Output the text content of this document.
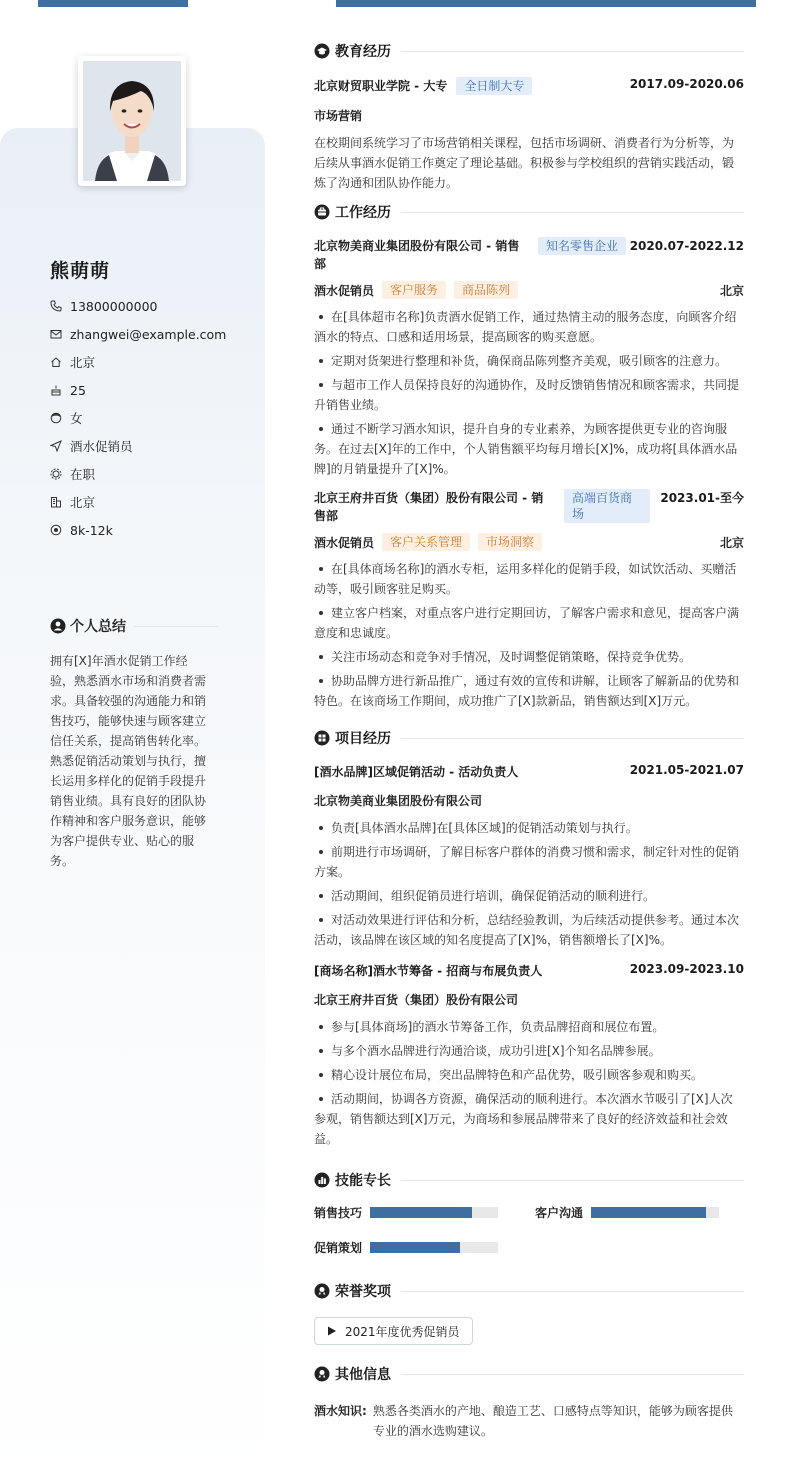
熊萌萌
13800000000
zhangwei@example.com
北京
25
女
酒水促销员
在职
北京
8k-12k
个人总结
拥有[X]年酒水促销工作经验，熟悉酒水市场和消费者需求。具备较强的沟通能力和销售技巧，能够快速与顾客建立信任关系，提高销售转化率。熟悉促销活动策划与执行，擅长运用多样化的促销手段提升销售业绩。具有良好的团队协作精神和客户服务意识，能够为客户提供专业、贴心的服务。
教育经历
北京财贸职业学院 - 大专	全日制大专	2017.09-2020.06
市场营销
在校期间系统学习了市场营销相关课程，包括市场调研、消费者行为分析等，为后续从事酒水促销工作奠定了理论基础。积极参与学校组织的营销实践活动，锻炼了沟通和团队协作能力。
工作经历
北京物美商业集团股份有限公司 - 销售部
知名零售企业 2020.07-2022.12
酒水促销员	客户服务	商品陈列	北京
在[具体超市名称]负责酒水促销工作，通过热情主动的服务态度，向顾客介绍酒水的特点、口感和适用场景，提高顾客的购买意愿。
定期对货架进行整理和补货，确保商品陈列整齐美观，吸引顾客的注意力。
与超市工作人员保持良好的沟通协作，及时反馈销售情况和顾客需求，共同提升销售业绩。
通过不断学习酒水知识，提升自身的专业素养，为顾客提供更专业的咨询服务。在过去[X]年的工作中，个人销售额平均每月增长[X]%，成功将[具体酒水品牌]的月销量提升了[X]%。
北京王府井百货（集团）股份有限公司 - 销售部
高端百货商场
2023.01-至今
酒水促销员	客户关系管理	市场洞察	北京
在[具体商场名称]的酒水专柜，运用多样化的促销手段，如试饮活动、买赠活动等，吸引顾客驻足购买。
建立客户档案，对重点客户进行定期回访，了解客户需求和意见，提高客户满意度和忠诚度。
关注市场动态和竞争对手情况，及时调整促销策略，保持竞争优势。
协助品牌方进行新品推广，通过有效的宣传和讲解，让顾客了解新品的优势和特色。在该商场工作期间，成功推广了[X]款新品，销售额达到[X]万元。
项目经历
[酒水品牌]区域促销活动 - 活动负责人	2021.05-2021.07
北京物美商业集团股份有限公司
负责[具体酒水品牌]在[具体区域]的促销活动策划与执行。
前期进行市场调研，了解目标客户群体的消费习惯和需求，制定针对性的促销方案。
活动期间，组织促销员进行培训，确保促销活动的顺利进行。
对活动效果进行评估和分析，总结经验教训，为后续活动提供参考。通过本次活动，该品牌在该区域的知名度提高了[X]%，销售额增长了[X]%。
[商场名称]酒水节筹备 - 招商与布展负责人	2023.09-2023.10
北京王府井百货（集团）股份有限公司
参与[具体商场]的酒水节筹备工作，负责品牌招商和展位布置。
与多个酒水品牌进行沟通洽谈，成功引进[X]个知名品牌参展。
精心设计展位布局，突出品牌特色和产品优势，吸引顾客参观和购买。
活动期间，协调各方资源，确保活动的顺利进行。本次酒水节吸引了[X]人次参观，销售额达到[X]万元，为商场和参展品牌带来了良好的经济效益和社会效益。
技能专长
销售技巧	客户沟通
促销策划
荣誉奖项
2021年度优秀促销员
其他信息
酒水知识: 熟悉各类酒水的产地、酿造工艺、口感特点等知识，能够为顾客提供专业的酒水选购建议。
